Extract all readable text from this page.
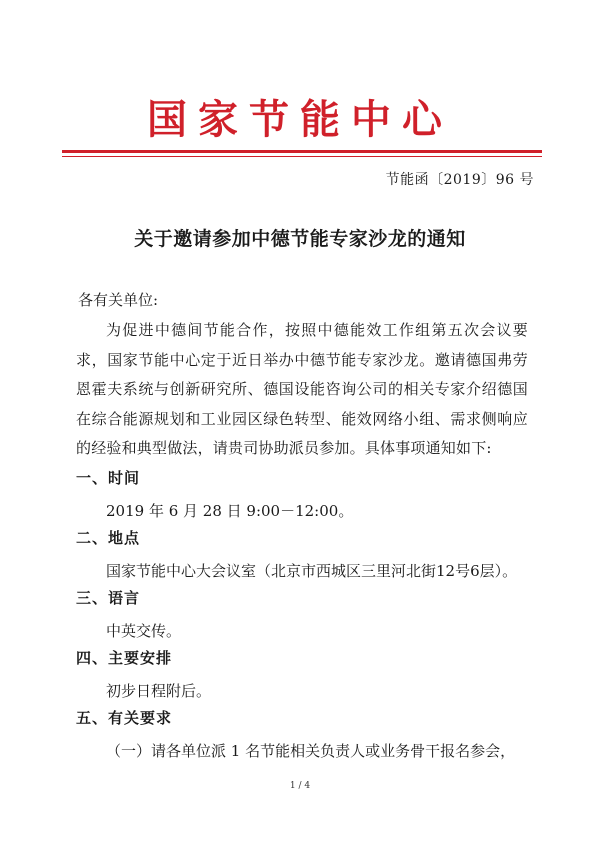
国家节能中心
节能函〔2019〕96 号
关于邀请参加中德节能专家沙龙的通知
各有关单位:
为促进中德间节能合作，按照中德能效工作组第五次会议要求，国家节能中心定于近日举办中德节能专家沙龙。邀请德国弗劳恩霍夫系统与创新研究所、德国设能咨询公司的相关专家介绍德国在综合能源规划和工业园区绿色转型、能效网络小组、需求侧响应的经验和典型做法，请贵司协助派员参加。具体事项通知如下:
一、时间
2019 年 6 月 28 日 9:00－12:00。
二、地点
国家节能中心大会议室（北京市西城区三里河北街12号6层）。
三、语言
中英交传。
四、主要安排
初步日程附后。
五、有关要求
（一）请各单位派 1 名节能相关负责人或业务骨干报名参会，
1 / 4
